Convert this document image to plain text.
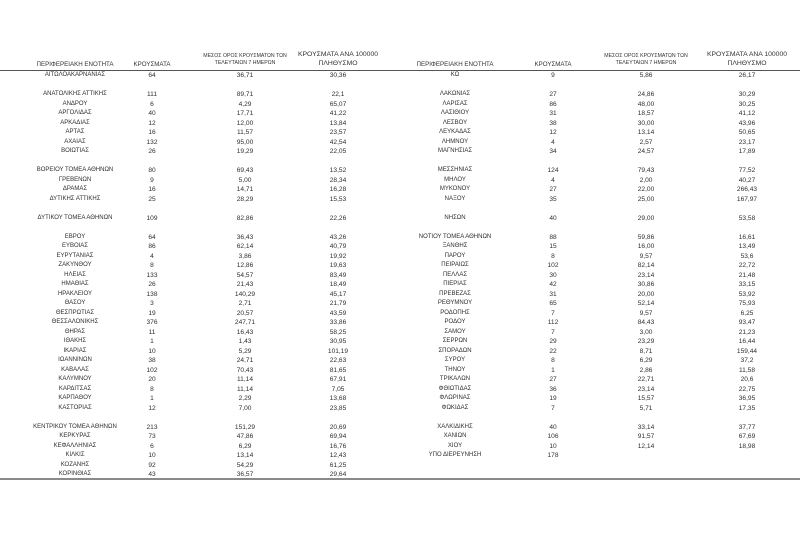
ΠΕΡΙΦΕΡΕΙΑΚΗ ΕΝΟΤΗΤΑ	ΚΡΟΥΣΜΑΤΑ
ΜΕΣΟΣ ΟΡΟΣ ΚΡΟΥΣΜΑΤΩΝ ΤΩΝ
ΤΕΛΕΥΤΑΙΩΝ 7 ΗΜΕΡΩΝ
ΚΡΟΥΣΜΑΤΑ ΑΝΑ 100000
ΠΛΗΘΥΣΜΟ
ΑΙΤΩΛΟΑΚΑΡΝΑΝΙΑΣ	64	36,71	30,36
ΑΝΑΤΟΛΙΚΗΣ ΑΤΤΙΚΗΣ	111	89,71	22,1
ΑΝΔΡΟΥ	6	4,29	65,07
ΑΡΓΟΛΙΔΑΣ	40	17,71	41,22
ΑΡΚΑΔΙΑΣ	12	12,00	13,84
ΑΡΤΑΣ	16	11,57	23,57
ΑΧΑΙΑΣ	132	95,00	42,54
ΒΟΙΩΤΙΑΣ	26	19,29	22,05
ΒΟΡΕΙΟΥ ΤΟΜΕΑ ΑΘΗΝΩΝ	80	69,43	13,52
ΓΡΕΒΕΝΩΝ	9	5,00	28,34
ΔΡΑΜΑΣ	16	14,71	16,28
ΔΥΤΙΚΗΣ ΑΤΤΙΚΗΣ	25	28,29	15,53
ΔΥΤΙΚΟΥ ΤΟΜΕΑ ΑΘΗΝΩΝ	109	82,86	22,26
ΕΒΡΟΥ	64	36,43	43,26
ΕΥΒΟΙΑΣ	86	62,14	40,79
ΕΥΡΥΤΑΝΙΑΣ	4	3,86	19,92
ΖΑΚΥΝΘΟΥ	8	12,86	19,63
ΗΛΕΙΑΣ	133	54,57	83,49
ΗΜΑΘΙΑΣ	26	21,43	18,49
ΗΡΑΚΛΕΙΟΥ	138	140,29	45,17
ΘΑΣΟΥ	3	2,71	21,79
ΘΕΣΠΡΩΤΙΑΣ	19	20,57	43,59
ΘΕΣΣΑΛΟΝΙΚΗΣ	376	247,71	33,86
ΘΗΡΑΣ	11	16,43	58,25
ΙΘΑΚΗΣ	1	1,43	30,95
ΙΚΑΡΙΑΣ	10	5,29	101,19
ΙΩΑΝΝΙΝΩΝ	38	24,71	22,63
ΚΑΒΑΛΑΣ	102	70,43	81,65
ΚΑΛΥΜΝΟΥ	20	11,14	67,91
ΚΑΡΔΙΤΣΑΣ	8	11,14	7,05
ΚΑΡΠΑΘΟΥ	1	2,29	13,68
ΚΑΣΤΟΡΙΑΣ	12	7,00	23,85
ΚΕΝΤΡΙΚΟΥ ΤΟΜΕΑ ΑΘΗΝΩΝ	213	151,29	20,69
ΚΕΡΚΥΡΑΣ	73	47,86	69,94
ΚΕΦΑΛΛΗΝΙΑΣ	6	6,29	16,76
ΚΙΛΚΙΣ	10	13,14	12,43
ΚΟΖΑΝΗΣ	92	54,29	61,25
ΚΟΡΙΝΘΙΑΣ	43	36,57	29,64
ΠΕΡΙΦΕΡΕΙΑΚΗ ΕΝΟΤΗΤΑ	ΚΡΟΥΣΜΑΤΑ
ΜΕΣΟΣ ΟΡΟΣ ΚΡΟΥΣΜΑΤΩΝ ΤΩΝ
ΤΕΛΕΥΤΑΙΩΝ 7 ΗΜΕΡΩΝ
ΚΡΟΥΣΜΑΤΑ ΑΝΑ 100000
ΠΛΗΘΥΣΜΟ
ΚΩ	9	5,86	26,17
ΛΑΚΩΝΙΑΣ	27	24,86	30,29
ΛΑΡΙΣΑΣ	86	48,00	30,25
ΛΑΣΙΘΙΟΥ	31	18,57	41,12
ΛΕΣΒΟΥ	38	30,00	43,96
ΛΕΥΚΑΔΑΣ	12	13,14	50,65
ΛΗΜΝΟΥ	4	2,57	23,17
ΜΑΓΝΗΣΙΑΣ	34	24,57	17,89
ΜΕΣΣΗΝΙΑΣ	124	79,43	77,52
ΜΗΛΟΥ	4	2,00	40,27
ΜΥΚΟΝΟΥ	27	22,00	266,43
ΝΑΞΟΥ	35	25,00	167,97
ΝΗΣΩΝ	40	29,00	53,58
ΝΟΤΙΟΥ ΤΟΜΕΑ ΑΘΗΝΩΝ	88	59,86	16,61
ΞΑΝΘΗΣ	15	16,00	13,49
ΠΑΡΟΥ	8	9,57	53,6
ΠΕΙΡΑΙΩΣ	102	82,14	22,72
ΠΕΛΛΑΣ	30	23,14	21,48
ΠΙΕΡΙΑΣ	42	30,86	33,15
ΠΡΕΒΕΖΑΣ	31	20,00	53,92
ΡΕΘΥΜΝΟΥ	65	52,14	75,93
ΡΟΔΟΠΗΣ	7	9,57	6,25
ΡΟΔΟΥ	112	84,43	93,47
ΣΑΜΟΥ	7	3,00	21,23
ΣΕΡΡΩΝ	29	23,29	16,44
ΣΠΟΡΑΔΩΝ	22	8,71	159,44
ΣΥΡΟΥ	8	6,29	37,2
ΤΗΝΟΥ	1	2,86	11,58
ΤΡΙΚΑΛΩΝ	27	22,71	20,6
ΦΘΙΩΤΙΔΑΣ	36	23,14	22,75
ΦΛΩΡΙΝΑΣ	19	15,57	36,95
ΦΩΚΙΔΑΣ	7	5,71	17,35
ΧΑΛΚΙΔΙΚΗΣ	40	33,14	37,77
ΧΑΝΙΩΝ	106	91,57	67,69
ΧΙΟΥ	10	12,14	18,98
ΥΠΟ ΔΙΕΡΕΥΝΗΣΗ	178
